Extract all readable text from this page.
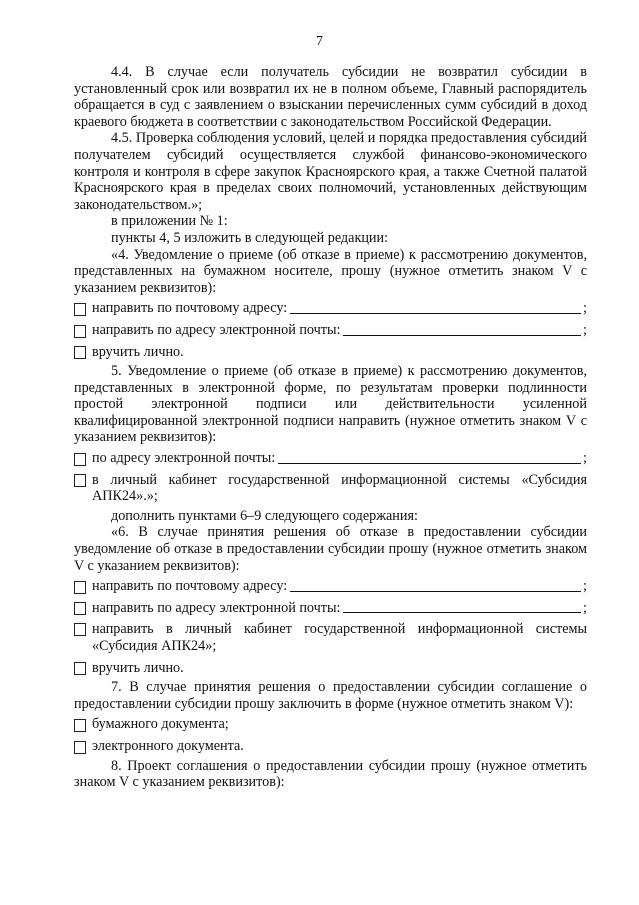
7

4.4. В случае если получатель субсидии не возвратил субсидии в установленный срок или возвратил их не в полном объеме, Главный распорядитель обращается в суд с заявлением о взыскании перечисленных сумм субсидий в доход краевого бюджета в соответствии с законодательством Российской Федерации.

4.5. Проверка соблюдения условий, целей и порядка предоставления субсидий получателем субсидий осуществляется службой финансово-экономического контроля и контроля в сфере закупок Красноярского края, а также Счетной палатой Красноярского края в пределах своих полномочий, установленных действующим законодательством.»;

в приложении № 1:

пункты 4, 5 изложить в следующей редакции:

«4. Уведомление о приеме (об отказе в приеме) к рассмотрению документов, представленных на бумажном носителе, прошу (нужное отметить знаком V с указанием реквизитов):

направить по почтовому адресу:	;
направить по адресу электронной почты:	;
вручить лично.

5. Уведомление о приеме (об отказе в приеме) к рассмотрению документов, представленных в электронной форме, по результатам проверки подлинности простой электронной подписи или действительности усиленной квалифицированной электронной подписи направить (нужное отметить знаком V с указанием реквизитов):

по адресу электронной почты:	;
в личный кабинет государственной информационной системы «Субсидия АПК24».»;

дополнить пунктами 6–9 следующего содержания:

«6. В случае принятия решения об отказе в предоставлении субсидии уведомление об отказе в предоставлении субсидии прошу (нужное отметить знаком V с указанием реквизитов):

направить по почтовому адресу:	;
направить по адресу электронной почты:	;
направить в личный кабинет государственной информационной системы «Субсидия АПК24»;
вручить лично.

7. В случае принятия решения о предоставлении субсидии соглашение о предоставлении субсидии прошу заключить в форме (нужное отметить знаком V):

бумажного документа;
электронного документа.

8. Проект соглашения о предоставлении субсидии прошу (нужное отметить знаком V с указанием реквизитов):
